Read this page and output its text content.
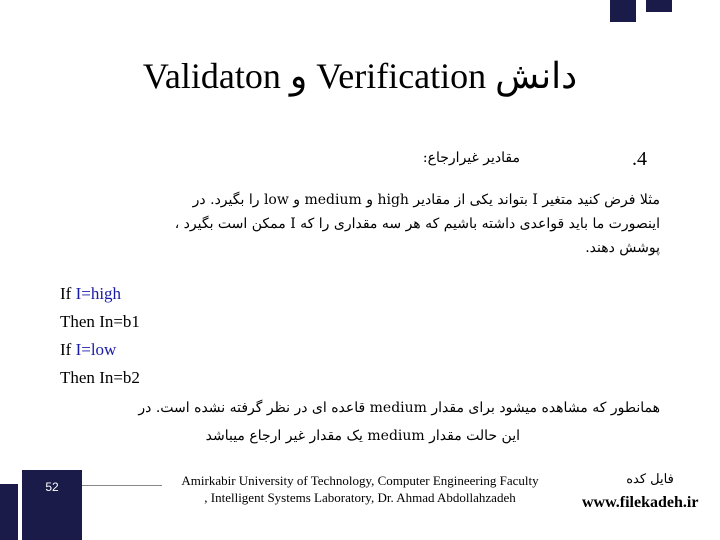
Validaton و Verification دانش
.4
مقادیر غیرارجاع:
مثلا فرض کنید متغیر I بتواند یکی از مقادیر high و medium و low را بگیرد. در
اینصورت ما باید قواعدی داشته باشیم که هر سه مقداری را که I ممکن است بگیرد ،
پوشش دهند.
If I=high
Then In=b1
If I=low
Then In=b2
همانطور که مشاهده میشود برای مقدار medium قاعده ای در نظر گرفته نشده است. در
این حالت مقدار medium یک مقدار غیر ارجاع میباشد
52	Amirkabir University of Technology, Computer Engineering Faculty
, Intelligent Systems Laboratory, Dr. Ahmad Abdollahzadeh
فایل کده
www.filekadeh.ir
